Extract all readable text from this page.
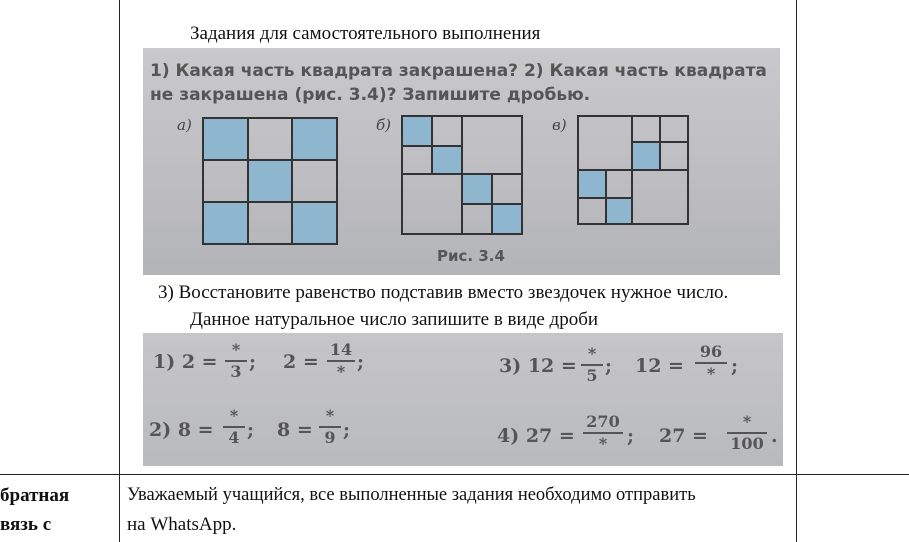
Задания для самостоятельного выполнения
1) Какая часть квадрата закрашена? 2) Какая часть квадрата
не закрашена (рис. 3.4)? Запишите дробью.
а)	б)	в)
Рис. 3.4
3) Восстановите равенство подставив вместо звездочек нужное число.
Данное натуральное число запишите в виде дроби
1) 2 =
*
3 ; 2 =
14
* ;	3) 12 =
*
5 ; 12 =
96
* ;
2) 8 =
*
4 ; 8 =
*
9 ;	4) 27 =
270
*	; 27 =
*
100 .
братная
вязь с
Уважаемый учащийся, все выполненные задания необходимо отправить
на WhatsApp.
